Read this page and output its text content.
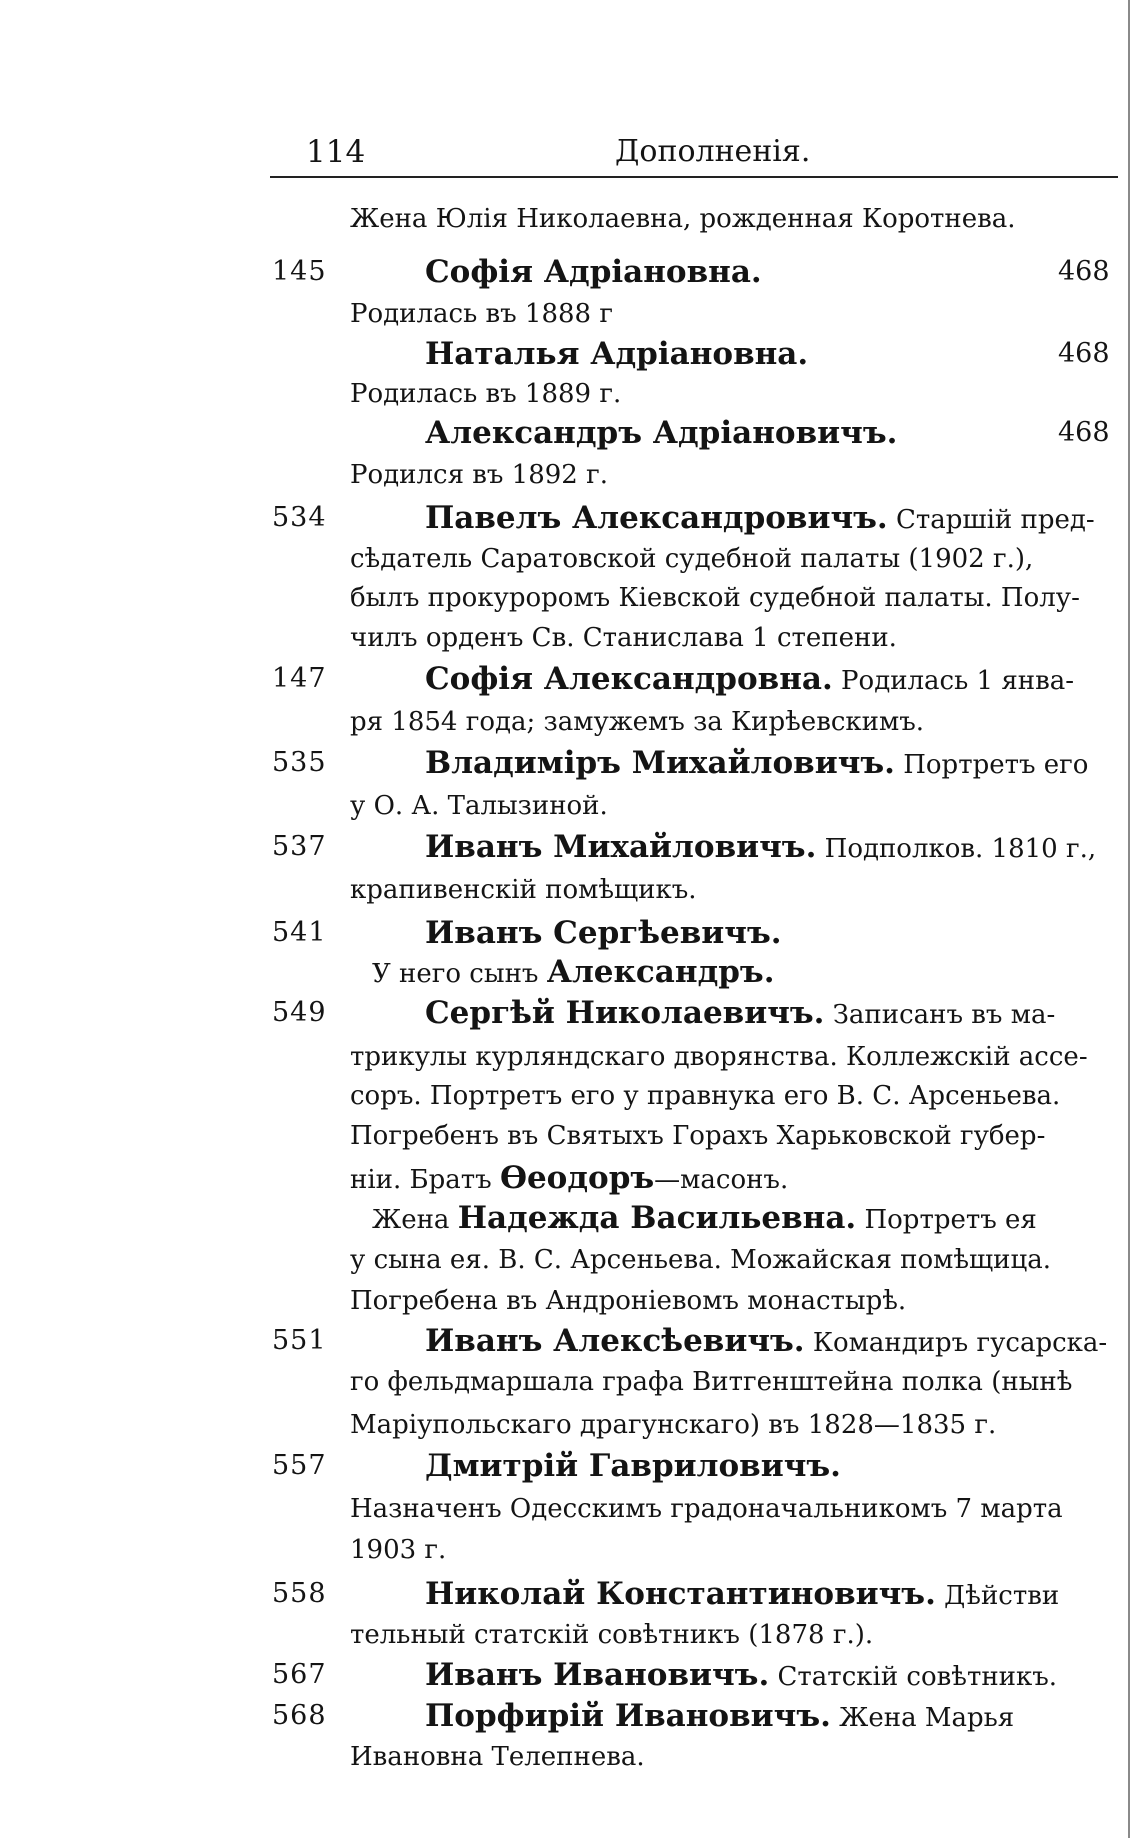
114	Дополненія.
Жена Юлія Николаевна, рожденная Коротнева.
145	Софія Адріановна.	468
Родилась въ 1888 г
Наталья Адріановна.	468
Родилась въ 1889 г.
Александръ Адріановичъ.	468
Родился въ 1892 г.
534	Павелъ Александровичъ. Старшій пред-
сѣдатель Саратовской судебной палаты (1902 г.),
былъ прокуроромъ Кіевской судебной палаты. Полу-
чилъ орденъ Св. Станислава 1 степени.
147	Софія Александровна. Родилась 1 янва-
ря 1854 года; замужемъ за Кирѣевскимъ.
535	Владиміръ Михайловичъ. Портретъ его
у О. А. Талызиной.
537	Иванъ Михайловичъ. Подполков. 1810 г.,
крапивенскій помѣщикъ.
541	Иванъ Сергѣевичъ.
У него сынъ Александръ.
549	Сергѣй Николаевичъ. Записанъ въ ма-
трикулы курляндскаго дворянства. Коллежскій ассе-
соръ. Портретъ его у правнука его В. С. Арсеньева.
Погребенъ въ Святыхъ Горахъ Харьковской губер-
ніи. Братъ Ѳеодоръ—масонъ.
Жена Надежда Васильевна. Портретъ ея
у сына ея. В. С. Арсеньева. Можайская помѣщица.
Погребена въ Андроніевомъ монастырѣ.
551	Иванъ Алексѣевичъ. Командиръ гусарска-
го фельдмаршала графа Витгенштейна полка (нынѣ
Маріупольскаго драгунскаго) въ 1828—1835 г.
557	Дмитрій Гавриловичъ.
Назначенъ Одесскимъ градоначальникомъ 7 марта
1903 г.
558	Николай Константиновичъ. Дѣйстви
тельный статскій совѣтникъ (1878 г.).
567	Иванъ Ивановичъ. Статскій совѣтникъ.
568	Порфирій Ивановичъ. Жена Марья
Ивановна Телепнева.
